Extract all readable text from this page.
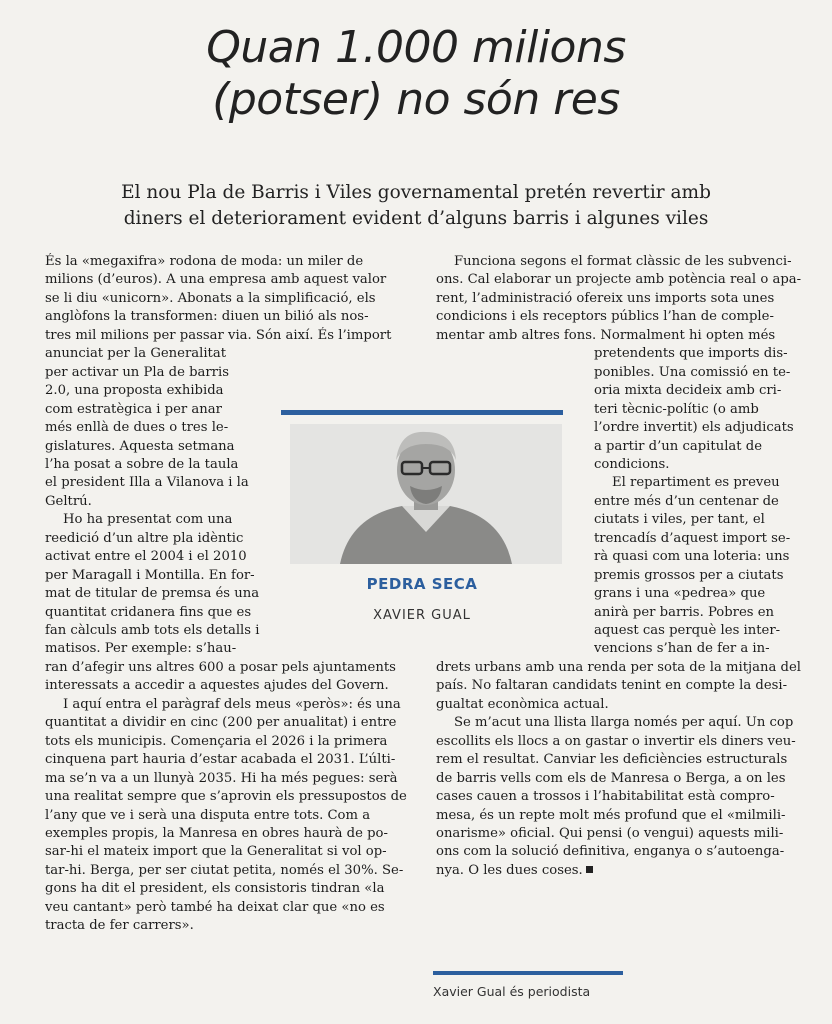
Quan 1.000 milions
(potser) no són res
El nou Pla de Barris i Viles governamental pretén revertir amb
diners el deteriorament evident d’alguns barris i algunes viles
És la «megaxifra» rodona de moda: un miler de
milions (d’euros). A una empresa amb aquest valor
se li diu «unicorn». Abonats a la simplificació, els
anglòfons la transformen: diuen un bilió als nos-
tres mil milions per passar via. Són així. És l’import
anunciat per la Generalitat
per activar un Pla de barris
2.0, una proposta exhibida
com estratègica i per anar
més enllà de dues o tres le-
gislatures. Aquesta setmana
l’ha posat a sobre de la taula
el president Illa a Vilanova i la
Geltrú.
Ho ha presentat com una
reedició d’un altre pla idèntic
activat entre el 2004 i el 2010
per Maragall i Montilla. En for-
mat de titular de premsa és una
quantitat cridanera fins que es
fan càlculs amb tots els detalls i
matisos. Per exemple: s’hau-
ran d’afegir uns altres 600 a posar pels ajuntaments
interessats a accedir a aquestes ajudes del Govern.
I aquí entra el paràgraf dels meus «peròs»: és una
quantitat a dividir en cinc (200 per anualitat) i entre
tots els municipis. Començaria el 2026 i la primera
cinquena part hauria d’estar acabada el 2031. L’últi-
ma se’n va a un llunyà 2035. Hi ha més pegues: serà
una realitat sempre que s’aprovin els pressupostos de
l’any que ve i serà una disputa entre tots. Com a
exemples propis, la Manresa en obres haurà de po-
sar-hi el mateix import que la Generalitat si vol op-
tar-hi. Berga, per ser ciutat petita, només el 30%. Se-
gons ha dit el president, els consistoris tindran «la
veu cantant» però també ha deixat clar que «no es
tracta de fer carrers».
Funciona segons el format clàssic de les subvenci-
ons. Cal elaborar un projecte amb potència real o apa-
rent, l’administració ofereix uns imports sota unes
condicions i els receptors públics l’han de comple-
mentar amb altres fons. Normalment hi opten més
pretendents que imports dis-
ponibles. Una comissió en te-
oria mixta decideix amb cri-
teri tècnic-polític (o amb
l’ordre invertit) els adjudicats
a partir d’un capitulat de
condicions.
El repartiment es preveu
entre més d’un centenar de
ciutats i viles, per tant, el
trencadís d’aquest import se-
rà quasi com una loteria: uns
premis grossos per a ciutats
grans i una «pedrea» que
anirà per barris. Pobres en
aquest cas perquè les inter-
vencions s’han de fer a in-
drets urbans amb una renda per sota de la mitjana del
país. No faltaran candidats tenint en compte la desi-
gualtat econòmica actual.
Se m’acut una llista llarga només per aquí. Un cop
escollits els llocs a on gastar o invertir els diners veu-
rem el resultat. Canviar les deficiències estructurals
de barris vells com els de Manresa o Berga, a on les
cases cauen a trossos i l’habitabilitat està compro-
mesa, és un repte molt més profund que el «milmili-
onarisme» oficial. Qui pensi (o vengui) aquests mili-
ons com la solució definitiva, enganya o s’autoenga-
nya. O les dues coses.
PEDRA SECA
XAVIER GUAL
Xavier Gual és periodista
